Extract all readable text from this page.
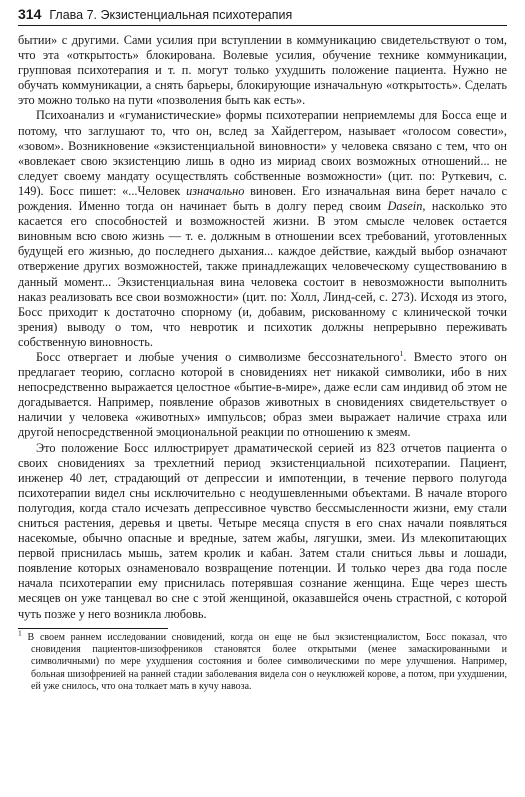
314 Глава 7. Экзистенциальная психотерапия

бытии» с другими. Сами усилия при вступлении в коммуникацию свидетельствуют о том, что эта «открытость» блокирована. Волевые усилия, обучение технике коммуникации, групповая психотерапия и т. п. могут только ухудшить положение пациента. Нужно не обучать коммуникации, а снять барьеры, блокирующие изначальную «открытость». Сделать это можно только на пути «позволения быть как есть».

Психоанализ и «гуманистические» формы психотерапии неприемлемы для Босса еще и потому, что заглушают то, что он, вслед за Хайдеггером, называет «голосом совести», «зовом». Возникновение «экзистенциальной виновности» у человека связано с тем, что он «вовлекает свою экзистенцию лишь в одно из мириад своих возможных отношений... не следует своему мандату осуществлять собственные возможности» (цит. по: Руткевич, с. 149). Босс пишет: «...Человек изначально виновен. Его изначальная вина берет начало с рождения. Именно тогда он начинает быть в долгу перед своим Dasein, насколько это касается его способностей и возможностей жизни. В этом смысле человек остается виновным всю свою жизнь — т. е. должным в отношении всех требований, уготовленных будущей его жизнью, до последнего дыхания... каждое действие, каждый выбор означают отвержение других возможностей, также принадлежащих человеческому существованию в данный момент... Экзистенциальная вина человека состоит в невозможности выполнить наказ реализовать все свои возможности» (цит. по: Холл, Линд-сей, с. 273). Исходя из этого, Босс приходит к достаточно спорному (и, добавим, рискованному с клинической точки зрения) выводу о том, что невротик и психотик должны непрерывно переживать собственную виновность.

Босс отвергает и любые учения о символизме бессознательного$^1$. Вместо этого он предлагает теорию, согласно которой в сновидениях нет никакой символики, ибо в них непосредственно выражается целостное «бытие-в-мире», даже если сам индивид об этом не догадывается. Например, появление образов животных в сновидениях свидетельствует о наличии у человека «животных» импульсов; образ змеи выражает наличие страха или другой непосредственной эмоциональной реакции по отношению к змеям.

Это положение Босс иллюстрирует драматической серией из 823 отчетов пациента о своих сновидениях за трехлетний период экзистенциальной психотерапии. Пациент, инженер 40 лет, страдающий от депрессии и импотенции, в течение первого полугода психотерапии видел сны исключительно с неодушевленными объектами. В начале второго полугодия, когда стало исчезать депрессивное чувство бессмысленности жизни, ему стали сниться растения, деревья и цветы. Четыре месяца спустя в его снах начали появляться насекомые, обычно опасные и вредные, затем жабы, лягушки, змеи. Из млекопитающих первой приснилась мышь, затем кролик и кабан. Затем стали сниться львы и лошади, появление которых ознаменовало возвращение потенции. И только через два года после начала психотерапии ему приснилась потерявшая сознание женщина. Еще через шесть месяцев он уже танцевал во сне с этой женщиной, оказавшейся очень страстной, с которой чуть позже у него возникла любовь.

$^1$ В своем раннем исследовании сновидений, когда он еще не был экзистенциалистом, Босс показал, что сновидения пациентов-шизофреников становятся более открытыми (менее замаскированными и символичными) по мере ухудшения состояния и более символическими по мере улучшения. Например, больная шизофренией на ранней стадии заболевания видела сон о неуклюжей корове, а потом, при ухудшении, ей уже снилось, что она толкает мать в кучу навоза.
